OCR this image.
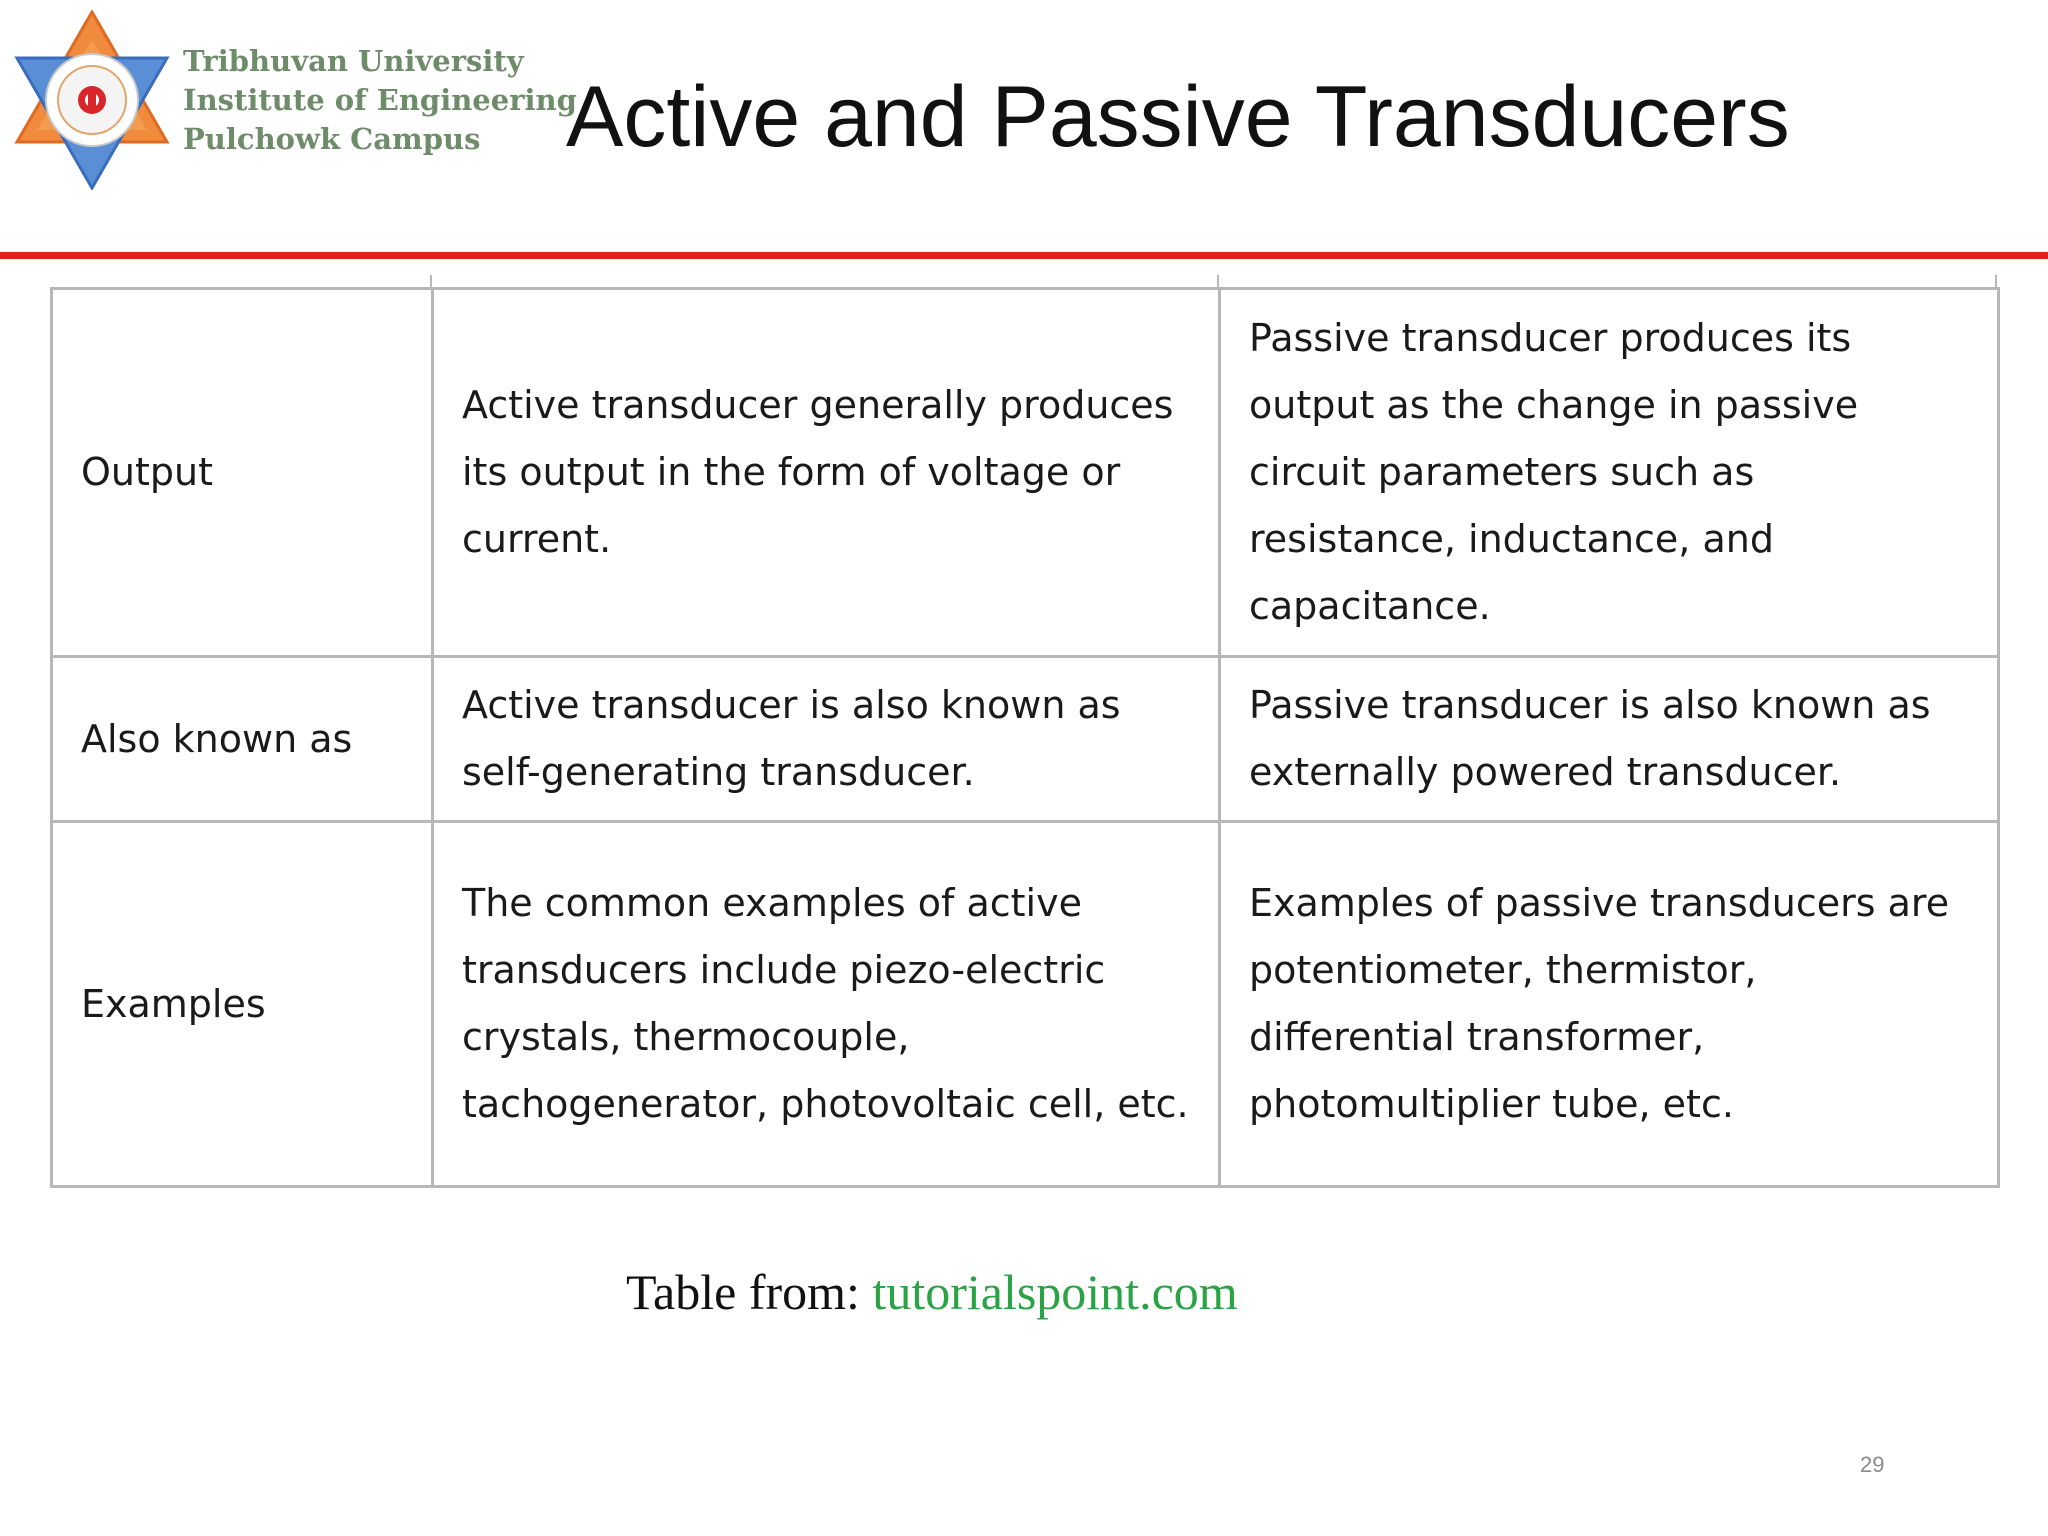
Tribhuvan University
Institute of Engineering
Pulchowk Campus Active and Passive Transducers
Output	Active transducer generally produces its output in the form of voltage or current.	Passive transducer produces its output as the change in passive circuit parameters such as resistance, inductance, and capacitance.
Also known as	Active transducer is also known as self-generating transducer.	Passive transducer is also known as externally powered transducer.
Examples	The common examples of active transducers include piezo-electric crystals, thermocouple, tachogenerator, photovoltaic cell, etc.	Examples of passive transducers are potentiometer, thermistor, differential transformer, photomultiplier tube, etc.
Table from: tutorialspoint.com
29
